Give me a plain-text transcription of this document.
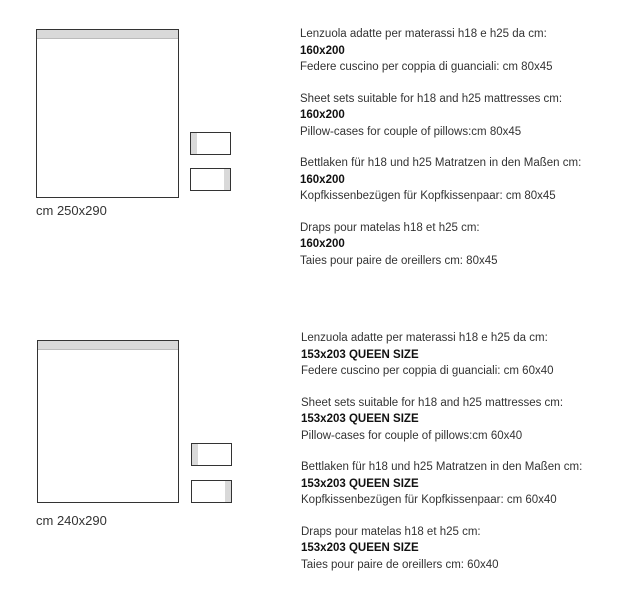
cm 250x290
Lenzuola adatte per materassi h18 e h25 da cm:
160x200
Federe cuscino per coppia di guanciali: cm 80x45
Sheet sets suitable for h18 and h25 mattresses cm:
160x200
Pillow-cases for couple of pillows:cm 80x45
Bettlaken für h18 und h25 Matratzen in den Maßen cm:
160x200
Kopfkissenbezügen für Kopfkissenpaar: cm 80x45
Draps pour matelas h18 et h25 cm:
160x200
Taies pour paire de oreillers cm: 80x45
cm 240x290
Lenzuola adatte per materassi h18 e h25 da cm:
153x203 QUEEN SIZE
Federe cuscino per coppia di guanciali: cm 60x40
Sheet sets suitable for h18 and h25 mattresses cm:
153x203 QUEEN SIZE
Pillow-cases for couple of pillows:cm 60x40
Bettlaken für h18 und h25 Matratzen in den Maßen cm:
153x203 QUEEN SIZE
Kopfkissenbezügen für Kopfkissenpaar: cm 60x40
Draps pour matelas h18 et h25 cm:
153x203 QUEEN SIZE
Taies pour paire de oreillers cm: 60x40
